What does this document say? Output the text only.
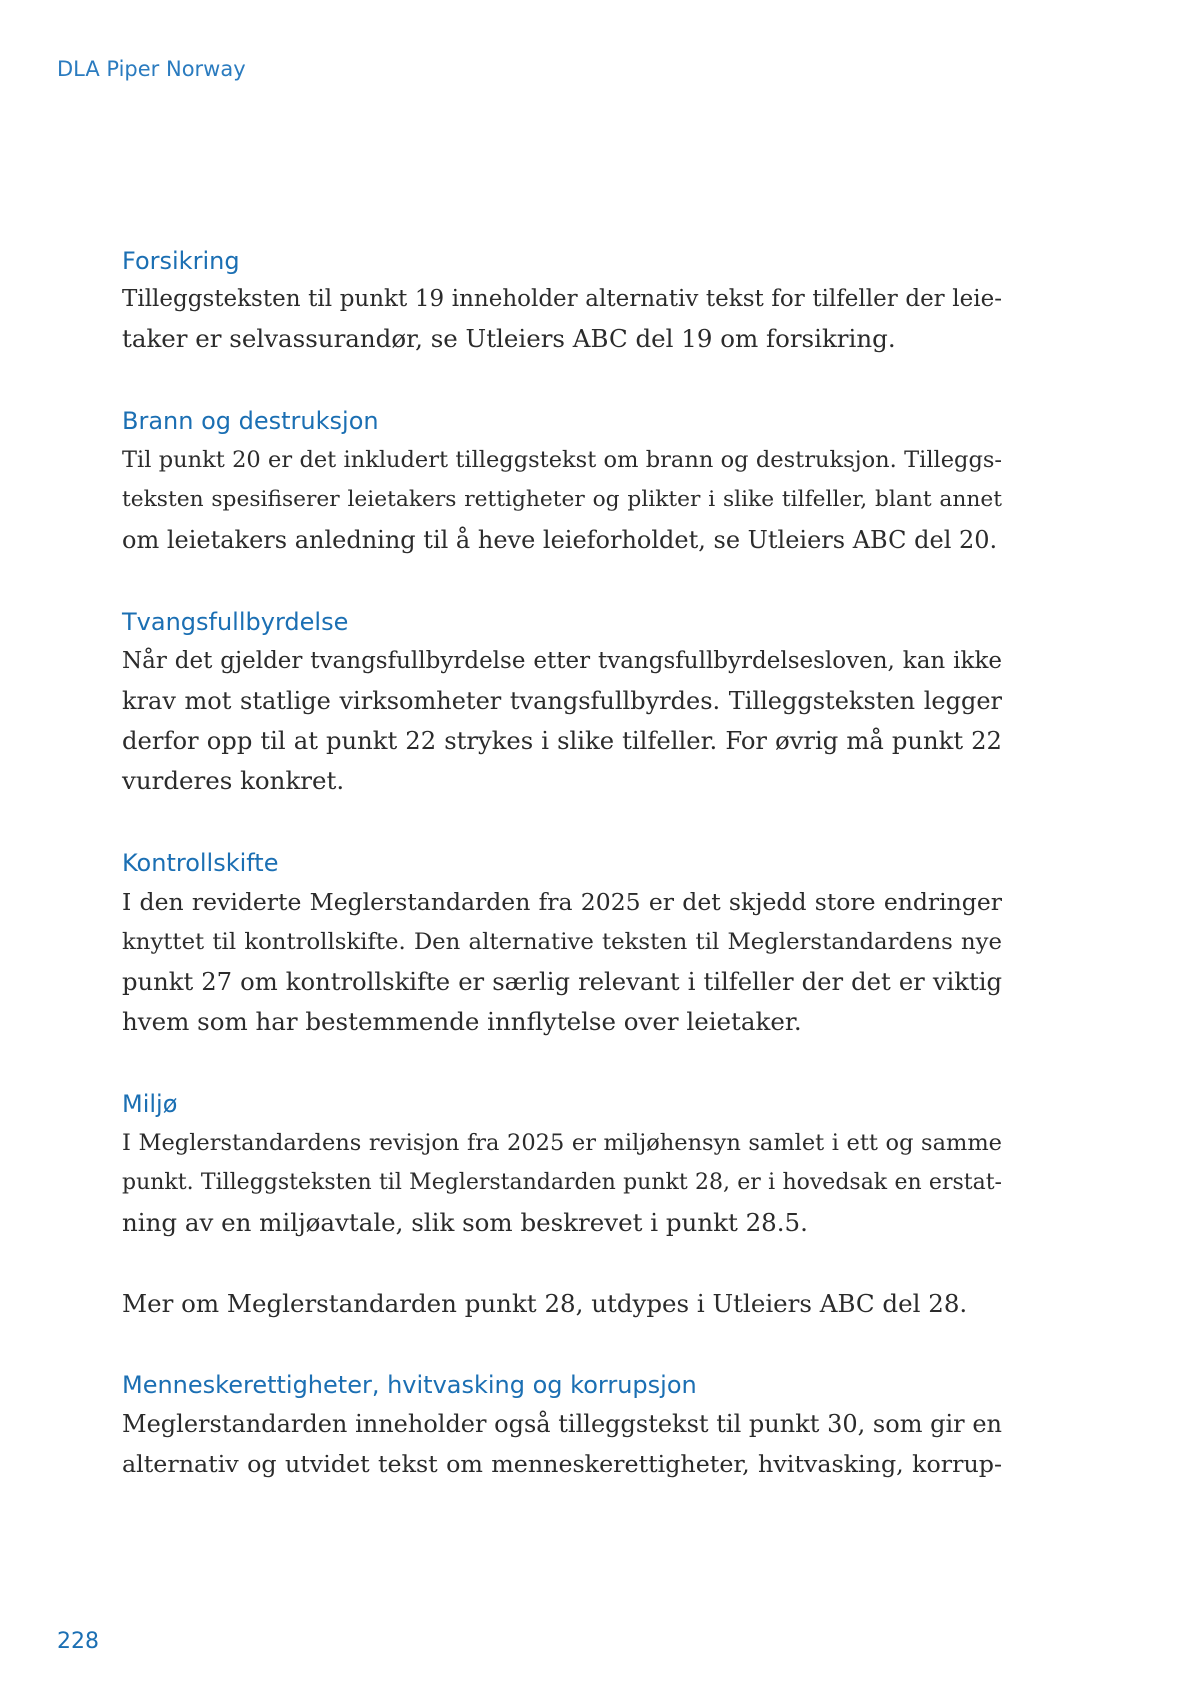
DLA Piper Norway
Forsikring
Tilleggsteksten til punkt 19 inneholder alternativ tekst for tilfeller der leie-
taker er selvassurandør, se Utleiers ABC del 19 om forsikring.
Brann og destruksjon
Til punkt 20 er det inkludert tilleggstekst om brann og destruksjon. Tilleggs-
teksten spesifiserer leietakers rettigheter og plikter i slike tilfeller, blant annet
om leietakers anledning til å heve leieforholdet, se Utleiers ABC del 20.
Tvangsfullbyrdelse
Når det gjelder tvangsfullbyrdelse etter tvangsfullbyrdelsesloven, kan ikke
krav mot statlige virksomheter tvangsfullbyrdes. Tilleggsteksten legger
derfor opp til at punkt 22 strykes i slike tilfeller. For øvrig må punkt 22
vurderes konkret.
Kontrollskifte
I den reviderte Meglerstandarden fra 2025 er det skjedd store endringer
knyttet til kontrollskifte. Den alternative teksten til Meglerstandardens nye
punkt 27 om kontrollskifte er særlig relevant i tilfeller der det er viktig
hvem som har bestemmende innflytelse over leietaker.
Miljø
I Meglerstandardens revisjon fra 2025 er miljøhensyn samlet i ett og samme
punkt. Tilleggsteksten til Meglerstandarden punkt 28, er i hovedsak en erstat-
ning av en miljøavtale, slik som beskrevet i punkt 28.5.
Mer om Meglerstandarden punkt 28, utdypes i Utleiers ABC del 28.
Menneskerettigheter, hvitvasking og korrupsjon
Meglerstandarden inneholder også tilleggstekst til punkt 30, som gir en
alternativ og utvidet tekst om menneskerettigheter, hvitvasking, korrup-
228
